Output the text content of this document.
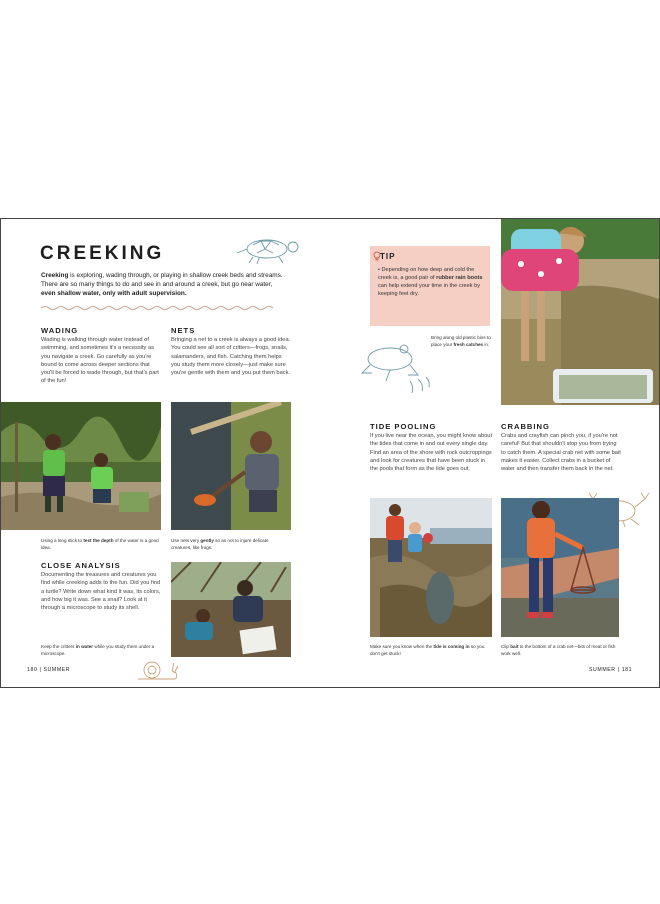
CREEKING
Creeking is exploring, wading through, or playing in shallow creek beds and streams. There are so many things to do and see in and around a creek, but go near water, even shallow water, only with adult supervision.
WADING
Wading is walking through water instead of swimming, and sometimes it's a necessity as you navigate a creek. Go carefully as you're bound to come across deeper sections that you'll be forced to wade through, but that's part of the fun!
NETS
Bringing a net to a creek is always a good idea. You could see all sort of critters—frogs, snails, salamanders, and fish. Catching them helps you study them more closely—just make sure you're gentle with them and you put them back.
Using a long stick to test the depth of the water is a good idea.
Use nets very gently so as not to injure delicate creatures, like frogs.
CLOSE ANALYSIS
Documenting the treasures and creatures you find while creeking adds to the fun. Did you find a turtle? Write down what kind it was, its colors, and how big it was. See a snail? Look at it through a microscope to study its shell.
Keep the critters in water while you study them under a microscope.
180 | SUMMER
TIP
• Depending on how deep and cold the creek is, a good pair of rubber rain boots can help extend your time in the creek by keeping feet dry.
Bring along old plastic bins to place your fresh catches in.
TIDE POOLING
If you live near the ocean, you might know about the tides that come in and out every single day. Find an area of the shore with rock outcroppings and look for creatures that have been stuck in the pools that form as the tide goes out.
CRABBING
Crabs and crayfish can pinch you, if you're not careful! But that shouldn't stop you from trying to catch them. A special crab net with some bait makes it easier. Collect crabs in a bucket of water and then transfer them back in the net.
Make sure you know when the tide is coming in so you don't get stuck!
Clip bait to the bottom of a crab net—bits of meat or fish work well.
SUMMER | 181
